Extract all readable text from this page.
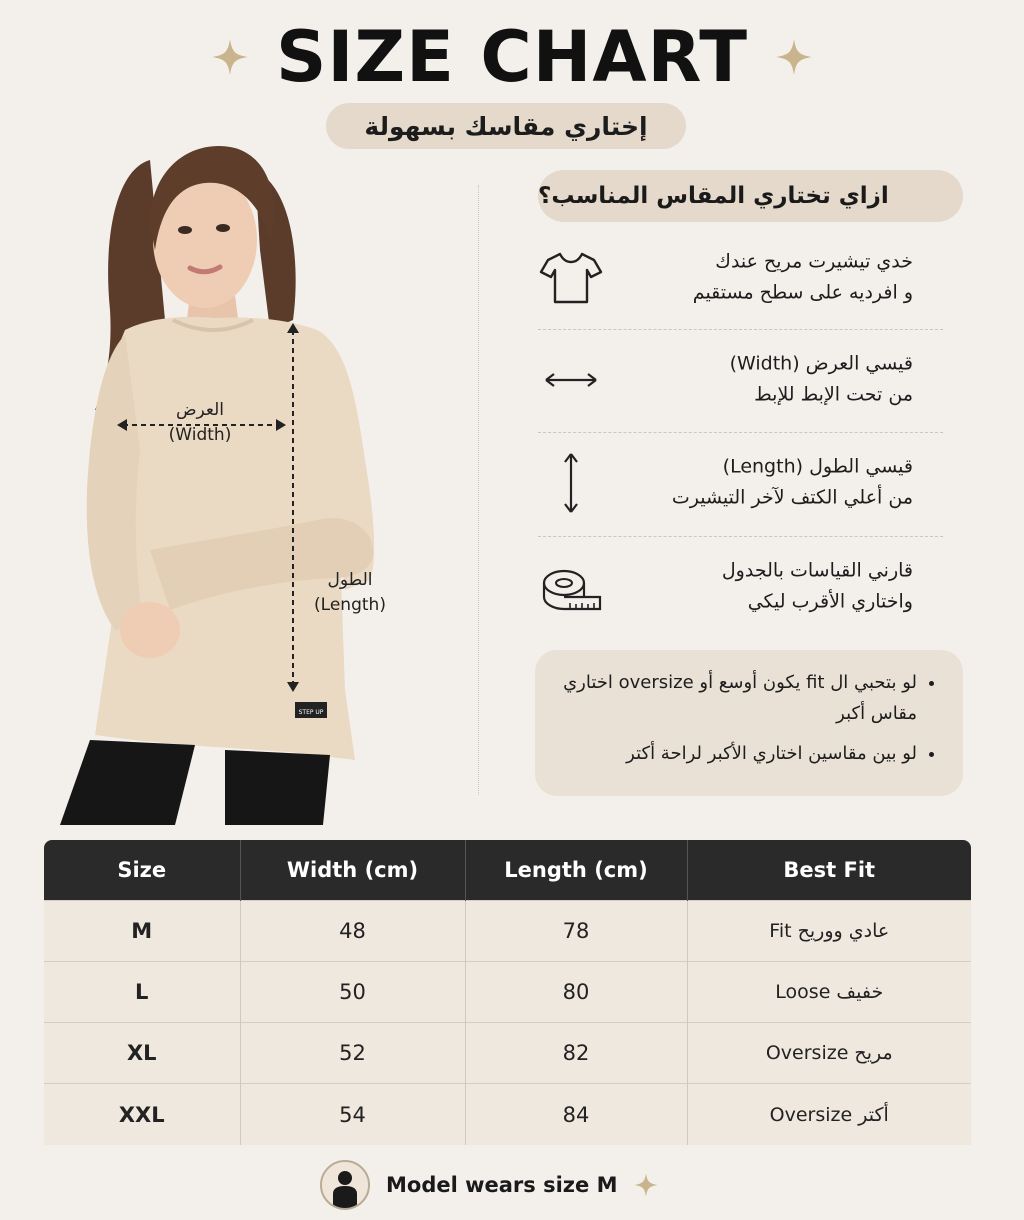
SIZE CHART
إختاري مقاسك بسهولة
STEP UP
العرض
(Width)
الطول
(Length)
ازاي تختاري المقاس المناسب؟
خدي تيشيرت مريح عندك
و افرديه على سطح مستقيم
قيسي العرض (Width)
من تحت الإبط للإبط
قيسي الطول (Length)
من أعلي الكتف لآخر التيشيرت
قارني القياسات بالجدول
واختاري الأقرب ليكي
• لو بتحبي ال fit يكون أوسع أو oversize اختاري مقاس أكبر
• لو بين مقاسين اختاري الأكبر لراحة أكتر
Size	Width (cm)	Length (cm)	Best Fit
M	48	78	عادي ووريح Fit
L	50	80	خفيف Loose
XL	52	82	مريح Oversize
XXL	54	84	أكتر Oversize
Model wears size M
